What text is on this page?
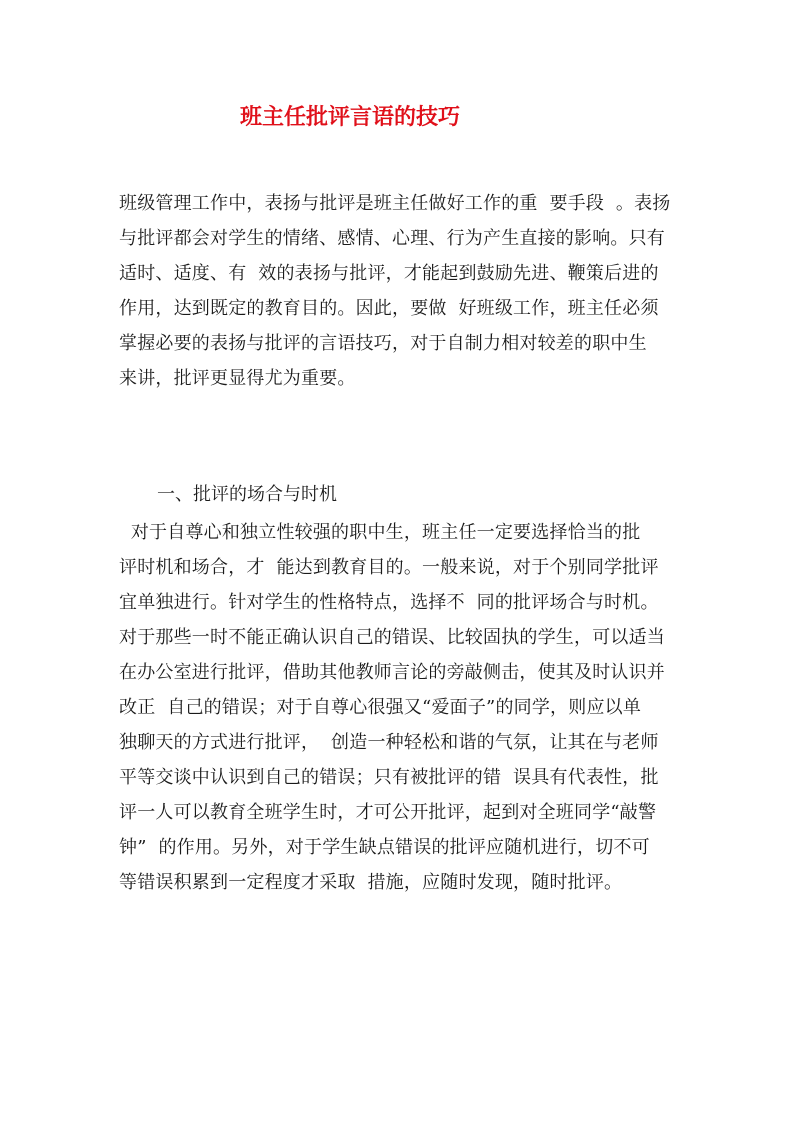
班主任批评言语的技巧
班级管理工作中，表扬与批评是班主任做好工作的重  要手段  。表扬
与批评都会对学生的情绪、感情、心理、行为产生直接的影响。只有
适时、适度、有  效的表扬与批评，才能起到鼓励先进、鞭策后进的
作用，达到既定的教育目的。因此，要做  好班级工作，班主任必须
掌握必要的表扬与批评的言语技巧，对于自制力相对较差的职中生
来讲，批评更显得尤为重要。
一、批评的场合与时机
对于自尊心和独立性较强的职中生，班主任一定要选择恰当的批
评时机和场合，才  能达到教育目的。一般来说，对于个别同学批评
宜单独进行。针对学生的性格特点，选择不  同的批评场合与时机。
对于那些一时不能正确认识自己的错误、比较固执的学生，可以适当
在办公室进行批评，借助其他教师言论的旁敲侧击，使其及时认识并
改正  自己的错误；对于自尊心很强又“爱面子”的同学，则应以单
独聊天的方式进行批评，  创造一种轻松和谐的气氛，让其在与老师
平等交谈中认识到自己的错误；只有被批评的错  误具有代表性，批
评一人可以教育全班学生时，才可公开批评，起到对全班同学“敲警
钟”  的作用。另外，对于学生缺点错误的批评应随机进行，切不可
等错误积累到一定程度才采取  措施，应随时发现，随时批评。
